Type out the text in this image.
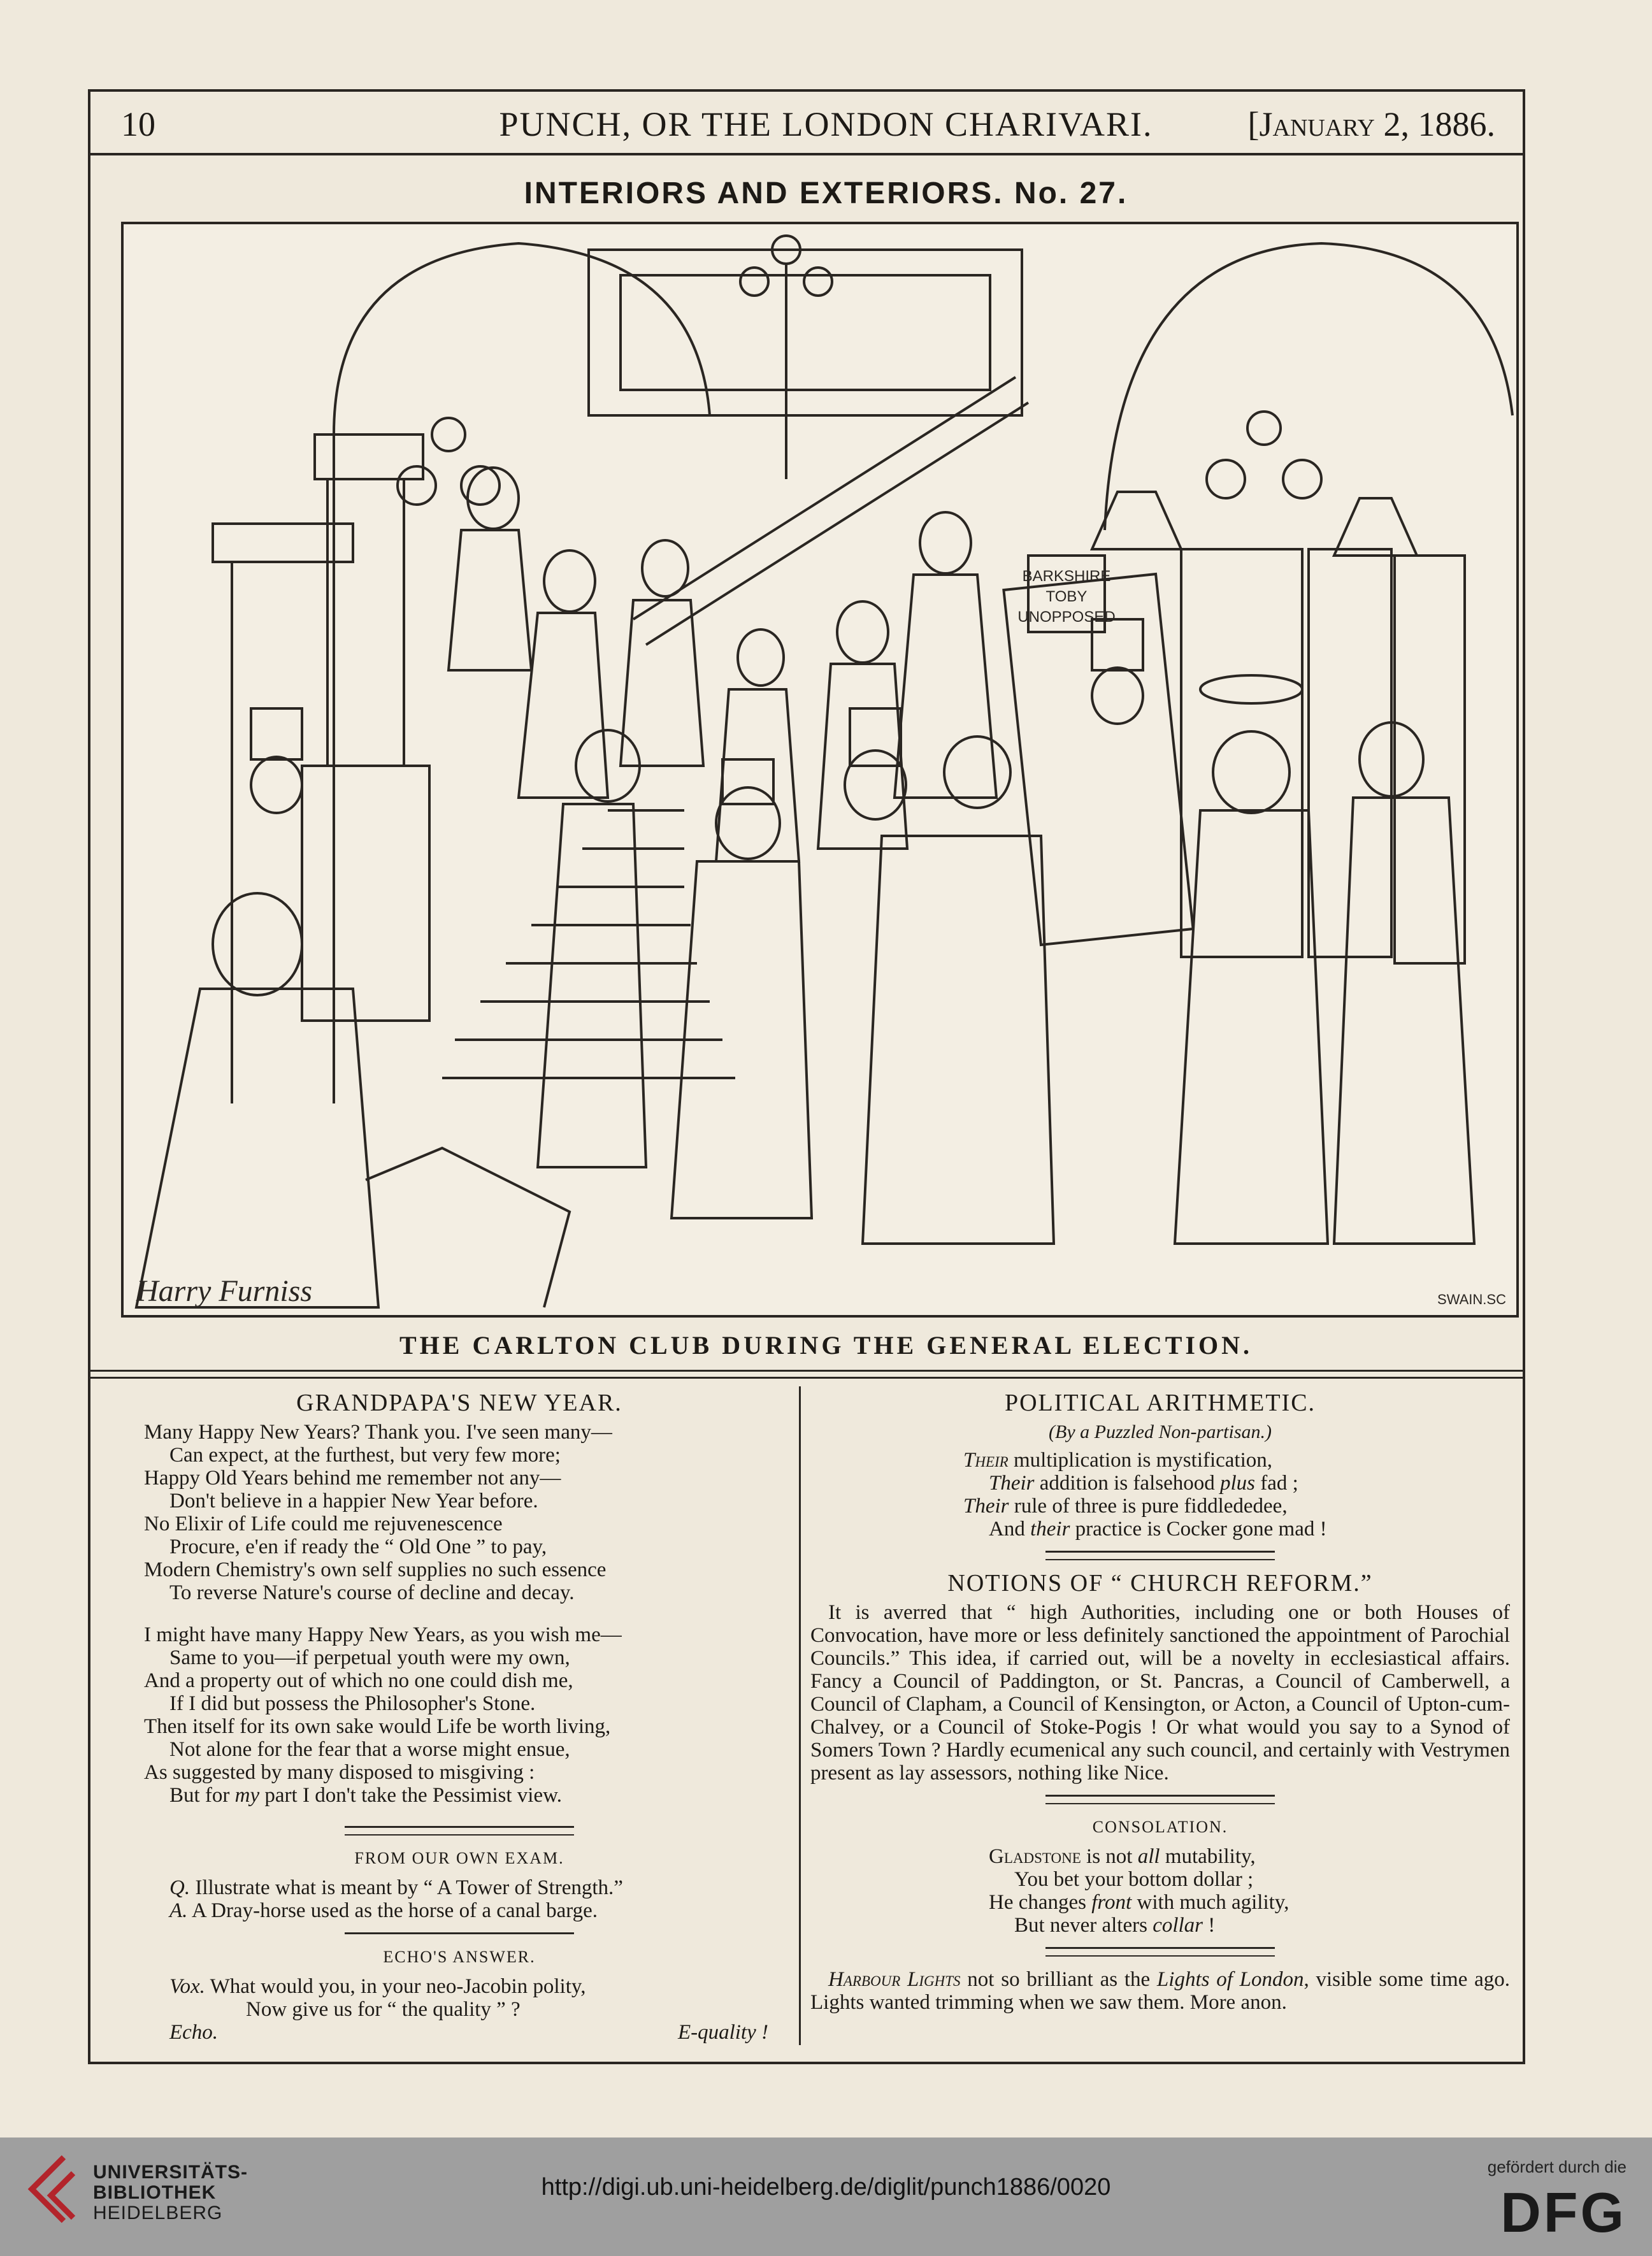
10	PUNCH, OR THE LONDON CHARIVARI.	[January 2, 1886.
INTERIORS AND EXTERIORS. No. 27.
BARKSHIRE
TOBY
UNOPPOSED
Harry Furniss	SWAIN.SC
THE CARLTON CLUB DURING THE GENERAL ELECTION.
GRANDPAPA'S NEW YEAR.
Many Happy New Years? Thank you. I've seen many—
Can expect, at the furthest, but very few more;
Happy Old Years behind me remember not any—
Don't believe in a happier New Year before.
No Elixir of Life could me rejuvenescence
Procure, e'en if ready the “ Old One ” to pay,
Modern Chemistry's own self supplies no such essence
To reverse Nature's course of decline and decay.
I might have many Happy New Years, as you wish me—
Same to you—if perpetual youth were my own,
And a property out of which no one could dish me,
If I did but possess the Philosopher's Stone.
Then itself for its own sake would Life be worth living,
Not alone for the fear that a worse might ensue,
As suggested by many disposed to misgiving :
But for my part I don't take the Pessimist view.
FROM OUR OWN EXAM.
Q. Illustrate what is meant by “ A Tower of Strength.”
A. A Dray-horse used as the horse of a canal barge.
ECHO'S ANSWER.
Vox. What would you, in your neo-Jacobin polity,
Now give us for “ the quality ” ?
Echo.	E-quality !
POLITICAL ARITHMETIC.
(By a Puzzled Non-partisan.)
Their multiplication is mystification,
Their addition is falsehood plus fad ;
Their rule of three is pure fiddlededee,
And their practice is Cocker gone mad !
NOTIONS OF “ CHURCH REFORM.”
It is averred that “ high Authorities, including one or both Houses of Convocation, have more or less definitely sanctioned the appointment of Parochial Councils.” This idea, if carried out, will be a novelty in ecclesiastical affairs. Fancy a Council of Paddington, or St. Pancras, a Council of Camberwell, a Council of Clapham, a Council of Kensington, or Acton, a Council of Upton-cum-Chalvey, or a Council of Stoke-Pogis ! Or what would you say to a Synod of Somers Town ? Hardly ecumenical any such council, and certainly with Vestrymen present as lay assessors, nothing like Nice.
CONSOLATION.
Gladstone is not all mutability,
You bet your bottom dollar ;
He changes front with much agility,
But never alters collar !
Harbour Lights not so brilliant as the Lights of London, visible some time ago. Lights wanted trimming when we saw them. More anon.
UNIVERSITÄTS-
BIBLIOTHEK
HEIDELBERG
http://digi.ub.uni-heidelberg.de/diglit/punch1886/0020
gefördert durch die
DFG
